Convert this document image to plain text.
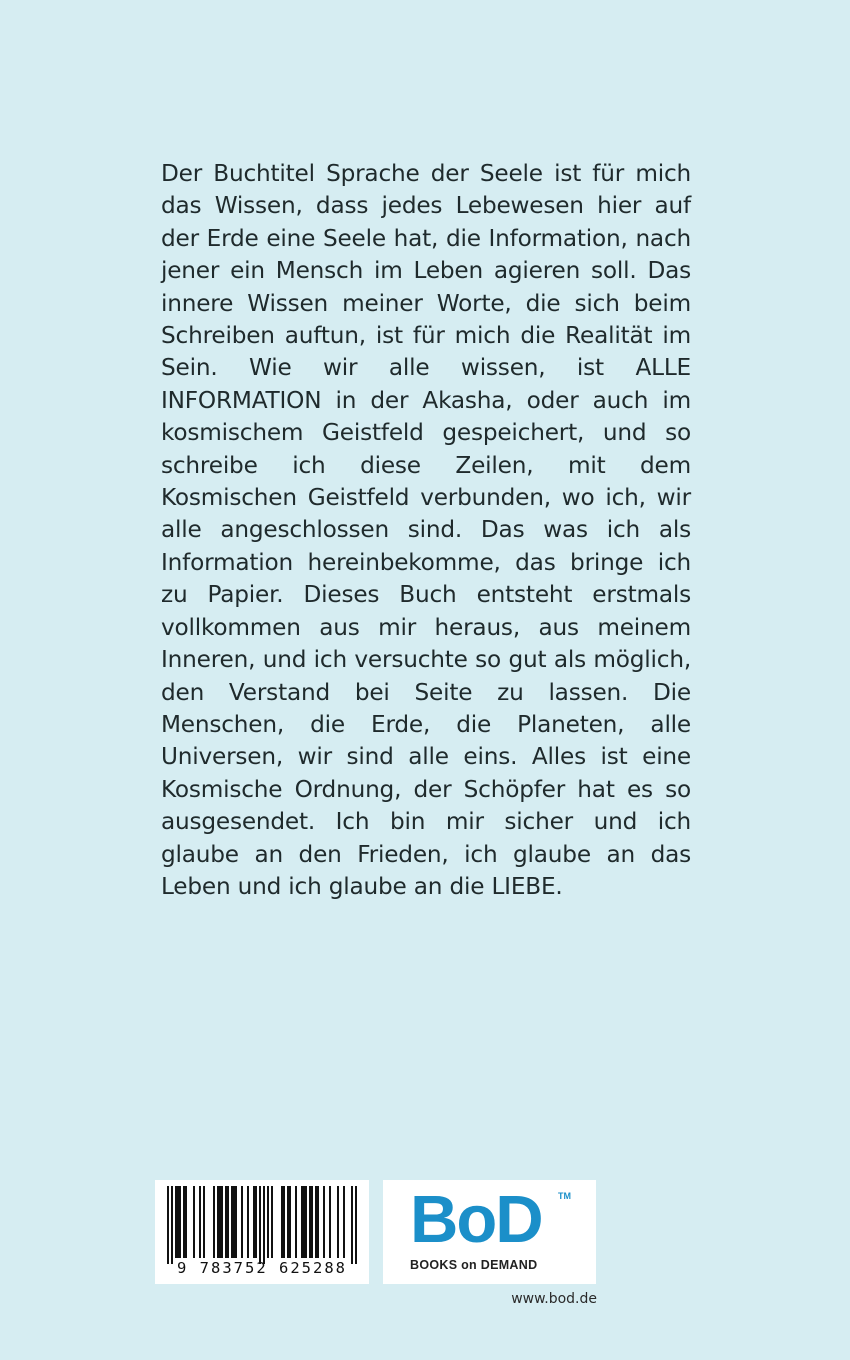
Der Buchtitel Sprache der Seele ist für mich das Wissen, dass jedes Lebewesen hier auf der Erde eine Seele hat, die Information, nach jener ein Mensch im Leben agieren soll. Das innere Wissen meiner Worte, die sich beim Schreiben auftun, ist für mich die Realität im Sein. Wie wir alle wissen, ist ALLE INFORMATION in der Akasha, oder auch im kosmischem Geistfeld gespeichert, und so schreibe ich diese Zeilen, mit dem Kosmischen Geistfeld verbunden, wo ich, wir alle angeschlossen sind. Das was ich als Information hereinbekomme, das bringe ich zu Papier. Dieses Buch entsteht erstmals vollkommen aus mir heraus, aus meinem Inneren, und ich versuchte so gut als möglich, den Verstand bei Seite zu lassen. Die Menschen, die Erde, die Planeten, alle Universen, wir sind alle eins. Alles ist eine Kosmische Ordnung, der Schöpfer hat es so ausgesendet. Ich bin mir sicher und ich glaube an den Frieden, ich glaube an das Leben und ich glaube an die LIEBE.

9 783752 625288
BoD TM
BOOKS on DEMAND
www.bod.de
